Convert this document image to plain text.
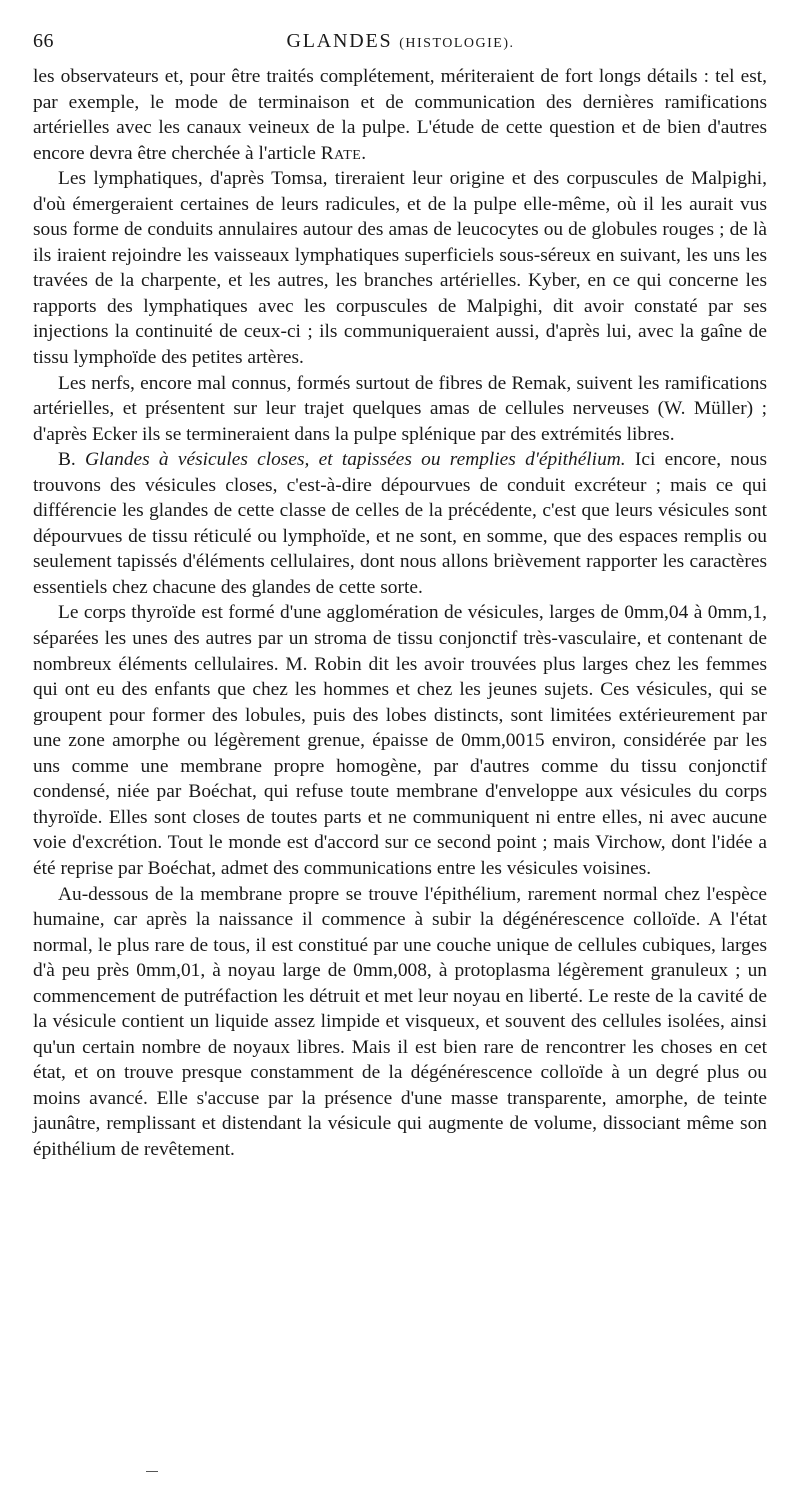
66	GLANDES (HISTOLOGIE).

les observateurs et, pour être traités complétement, mériteraient de fort longs détails : tel est, par exemple, le mode de terminaison et de communication des dernières ramifications artérielles avec les canaux veineux de la pulpe. L'étude de cette question et de bien d'autres encore devra être cherchée à l'article Rate.

Les lymphatiques, d'après Tomsa, tireraient leur origine et des corpuscules de Malpighi, d'où émergeraient certaines de leurs radicules, et de la pulpe elle-même, où il les aurait vus sous forme de conduits annulaires autour des amas de leucocytes ou de globules rouges ; de là ils iraient rejoindre les vaisseaux lymphatiques superficiels sous-séreux en suivant, les uns les travées de la charpente, et les autres, les branches artérielles. Kyber, en ce qui concerne les rapports des lymphatiques avec les corpuscules de Malpighi, dit avoir constaté par ses injections la continuité de ceux-ci ; ils communiqueraient aussi, d'après lui, avec la gaîne de tissu lymphoïde des petites artères.

Les nerfs, encore mal connus, formés surtout de fibres de Remak, suivent les ramifications artérielles, et présentent sur leur trajet quelques amas de cellules nerveuses (W. Müller) ; d'après Ecker ils se termineraient dans la pulpe splénique par des extrémités libres.

B. Glandes à vésicules closes, et tapissées ou remplies d'épithélium. Ici encore, nous trouvons des vésicules closes, c'est-à-dire dépourvues de conduit excréteur ; mais ce qui différencie les glandes de cette classe de celles de la précédente, c'est que leurs vésicules sont dépourvues de tissu réticulé ou lymphoïde, et ne sont, en somme, que des espaces remplis ou seulement tapissés d'éléments cellulaires, dont nous allons brièvement rapporter les caractères essentiels chez chacune des glandes de cette sorte.

Le corps thyroïde est formé d'une agglomération de vésicules, larges de 0mm,04 à 0mm,1, séparées les unes des autres par un stroma de tissu conjonctif très-vasculaire, et contenant de nombreux éléments cellulaires. M. Robin dit les avoir trouvées plus larges chez les femmes qui ont eu des enfants que chez les hommes et chez les jeunes sujets. Ces vésicules, qui se groupent pour former des lobules, puis des lobes distincts, sont limitées extérieurement par une zone amorphe ou légèrement grenue, épaisse de 0mm,0015 environ, considérée par les uns comme une membrane propre homogène, par d'autres comme du tissu conjonctif condensé, niée par Boéchat, qui refuse toute membrane d'enveloppe aux vésicules du corps thyroïde. Elles sont closes de toutes parts et ne communiquent ni entre elles, ni avec aucune voie d'excrétion. Tout le monde est d'accord sur ce second point ; mais Virchow, dont l'idée a été reprise par Boéchat, admet des communications entre les vésicules voisines.

Au-dessous de la membrane propre se trouve l'épithélium, rarement normal chez l'espèce humaine, car après la naissance il commence à subir la dégénérescence colloïde. A l'état normal, le plus rare de tous, il est constitué par une couche unique de cellules cubiques, larges d'à peu près 0mm,01, à noyau large de 0mm,008, à protoplasma légèrement granuleux ; un commencement de putréfaction les détruit et met leur noyau en liberté. Le reste de la cavité de la vésicule contient un liquide assez limpide et visqueux, et souvent des cellules isolées, ainsi qu'un certain nombre de noyaux libres. Mais il est bien rare de rencontrer les choses en cet état, et on trouve presque constamment de la dégénérescence colloïde à un degré plus ou moins avancé. Elle s'accuse par la présence d'une masse transparente, amorphe, de teinte jaunâtre, remplissant et distendant la vésicule qui augmente de volume, dissociant même son épithélium de revêtement.
